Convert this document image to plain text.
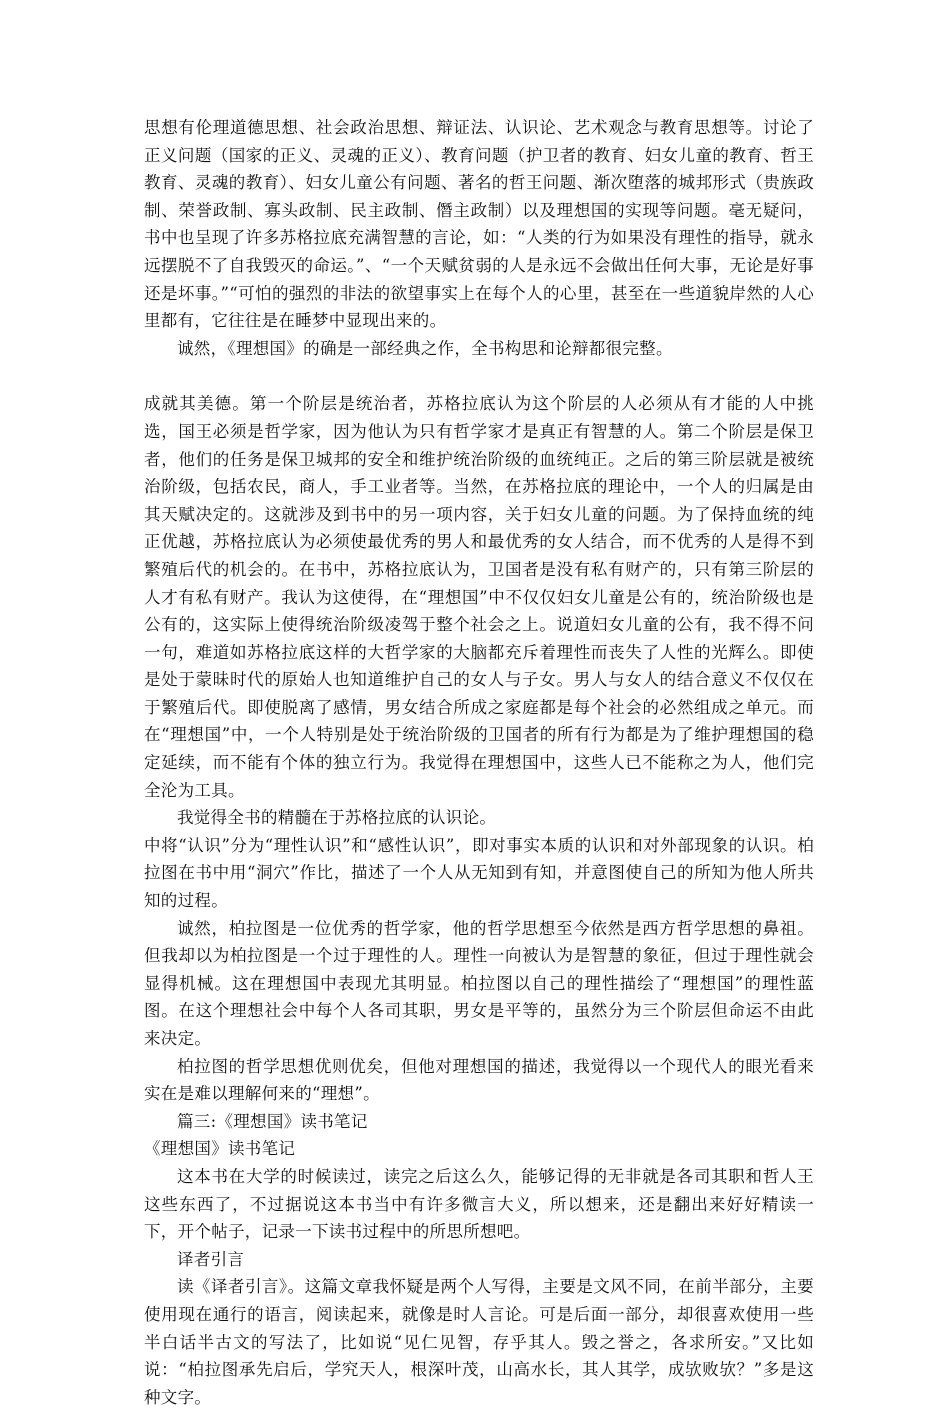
思想有伦理道德思想、社会政治思想、辩证法、认识论、艺术观念与教育思想等。讨论了正义问题（国家的正义、灵魂的正义）、教育问题（护卫者的教育、妇女儿童的教育、哲王教育、灵魂的教育）、妇女儿童公有问题、著名的哲王问题、渐次堕落的城邦形式（贵族政制、荣誉政制、寡头政制、民主政制、僭主政制）以及理想国的实现等问题。毫无疑问，书中也呈现了许多苏格拉底充满智慧的言论，如：“人类的行为如果没有理性的指导，就永远摆脱不了自我毁灭的命运。”、“一个天赋贫弱的人是永远不会做出任何大事，无论是好事还是坏事。”“可怕的强烈的非法的欲望事实上在每个人的心里，甚至在一些道貌岸然的人心里都有，它往往是在睡梦中显现出来的。

诚然，《理想国》的确是一部经典之作，全书构思和论辩都很完整。

成就其美德。第一个阶层是统治者，苏格拉底认为这个阶层的人必须从有才能的人中挑选，国王必须是哲学家，因为他认为只有哲学家才是真正有智慧的人。第二个阶层是保卫者，他们的任务是保卫城邦的安全和维护统治阶级的血统纯正。之后的第三阶层就是被统治阶级，包括农民，商人，手工业者等。当然，在苏格拉底的理论中，一个人的归属是由其天赋决定的。这就涉及到书中的另一项内容，关于妇女儿童的问题。为了保持血统的纯正优越，苏格拉底认为必须使最优秀的男人和最优秀的女人结合，而不优秀的人是得不到繁殖后代的机会的。在书中，苏格拉底认为，卫国者是没有私有财产的，只有第三阶层的人才有私有财产。我认为这使得，在“理想国”中不仅仅妇女儿童是公有的，统治阶级也是公有的，这实际上使得统治阶级凌驾于整个社会之上。说道妇女儿童的公有，我不得不问一句，难道如苏格拉底这样的大哲学家的大脑都充斥着理性而丧失了人性的光辉么。即使是处于蒙昧时代的原始人也知道维护自己的女人与子女。男人与女人的结合意义不仅仅在于繁殖后代。即使脱离了感情，男女结合所成之家庭都是每个社会的必然组成之单元。而在“理想国”中，一个人特别是处于统治阶级的卫国者的所有行为都是为了维护理想国的稳定延续，而不能有个体的独立行为。我觉得在理想国中，这些人已不能称之为人，他们完全沦为工具。

我觉得全书的精髓在于苏格拉底的认识论。

中将“认识”分为“理性认识”和“感性认识”，即对事实本质的认识和对外部现象的认识。柏拉图在书中用“洞穴”作比，描述了一个人从无知到有知，并意图使自己的所知为他人所共知的过程。

诚然，柏拉图是一位优秀的哲学家，他的哲学思想至今依然是西方哲学思想的鼻祖。但我却以为柏拉图是一个过于理性的人。理性一向被认为是智慧的象征，但过于理性就会显得机械。这在理想国中表现尤其明显。柏拉图以自己的理性描绘了“理想国”的理性蓝图。在这个理想社会中每个人各司其职，男女是平等的，虽然分为三个阶层但命运不由此来决定。

柏拉图的哲学思想优则优矣，但他对理想国的描述，我觉得以一个现代人的眼光看来实在是难以理解何来的“理想”。

篇三:《理想国》读书笔记

《理想国》读书笔记

这本书在大学的时候读过，读完之后这么久，能够记得的无非就是各司其职和哲人王这些东西了，不过据说这本书当中有许多微言大义，所以想来，还是翻出来好好精读一下，开个帖子，记录一下读书过程中的所思所想吧。

译者引言

读《译者引言》。这篇文章我怀疑是两个人写得，主要是文风不同，在前半部分，主要使用现在通行的语言，阅读起来，就像是时人言论。可是后面一部分，却很喜欢使用一些半白话半古文的写法了，比如说“见仁见智，存乎其人。毁之誉之，各求所安。”又比如说：“柏拉图承先启后，学究天人，根深叶茂，山高水长，其人其学，成欤败欤？”多是这种文字。
